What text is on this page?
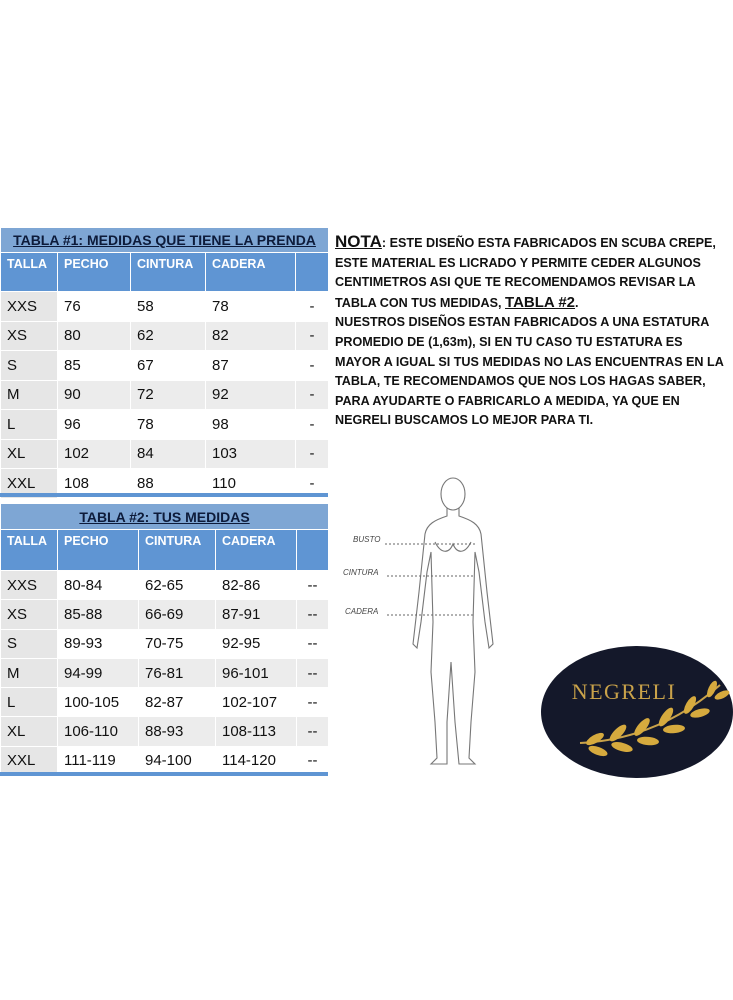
TABLA #1: MEDIDAS QUE TIENE LA PRENDA				
TALLA	PECHO	CINTURA	CADERA	
XXS	76	58	78	-
XS	80	62	82	-
S	85	67	87	-
M	90	72	92	-
L	96	78	98	-
XL	102	84	103	-
XXL	108	88	110	-
TABLA #2: TUS MEDIDAS				
TALLA	PECHO	CINTURA	CADERA	
XXS	80-84	62-65	82-86	--
XS	85-88	66-69	87-91	--
S	89-93	70-75	92-95	--
M	94-99	76-81	96-101	--
L	100-105	82-87	102-107	--
XL	106-110	88-93	108-113	--
XXL	111-119	94-100	114-120	--
NOTA: ESTE DISEÑO ESTA FABRICADOS EN SCUBA CREPE, ESTE MATERIAL ES LICRADO Y PERMITE CEDER ALGUNOS CENTIMETROS ASI QUE TE RECOMENDAMOS REVISAR LA TABLA CON TUS MEDIDAS, TABLA #2.
NUESTROS DISEÑOS ESTAN FABRICADOS A UNA ESTATURA PROMEDIO DE (1,63m), SI EN TU CASO TU ESTATURA ES MAYOR A IGUAL SI TUS MEDIDAS NO LAS ENCUENTRAS EN LA TABLA, TE RECOMENDAMOS QUE NOS LOS HAGAS SABER, PARA AYUDARTE O FABRICARLO A MEDIDA, YA QUE EN NEGRELI BUSCAMOS LO MEJOR PARA TI.
BUSTO
CINTURA
CADERA
NEGRELI
